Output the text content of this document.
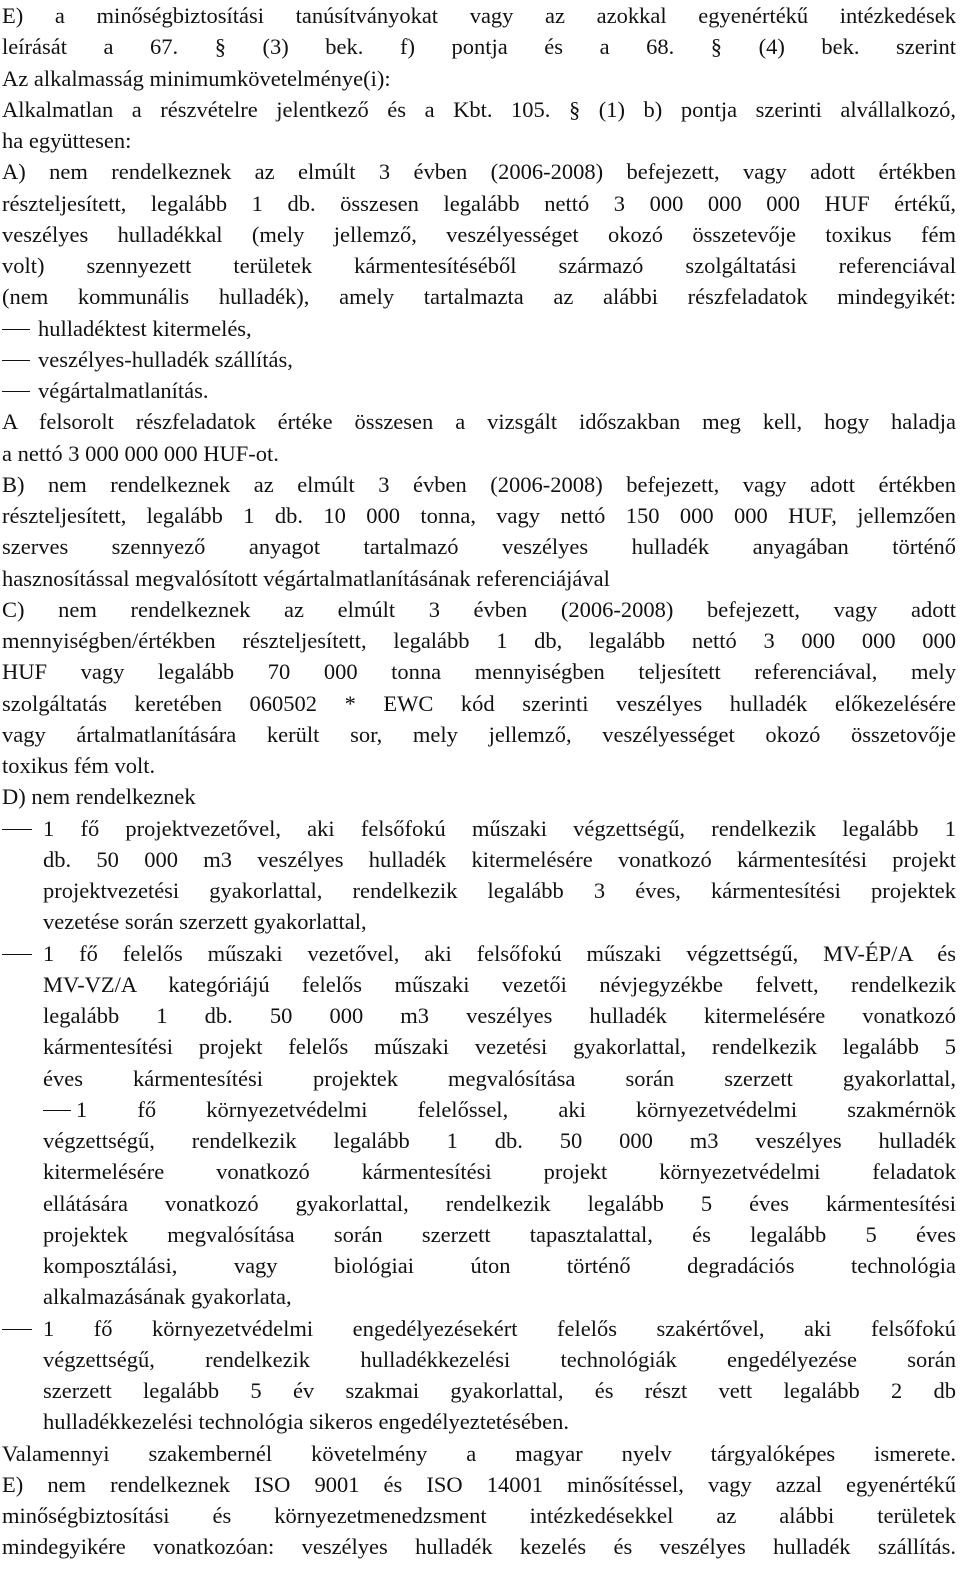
E) a minőségbiztosítási tanúsítványokat vagy az azokkal egyenértékű intézkedések
leírását a 67. § (3) bek. f) pontja és a 68. § (4) bek. szerint
Az alkalmasság minimumkövetelménye(i):
Alkalmatlan a részvételre jelentkező és a Kbt. 105. § (1) b) pontja szerinti alvállalkozó,
ha együttesen:
A) nem rendelkeznek az elmúlt 3 évben (2006-2008) befejezett, vagy adott értékben
részteljesített, legalább 1 db. összesen legalább nettó 3 000 000 000 HUF értékű,
veszélyes hulladékkal (mely jellemző, veszélyességet okozó összetevője toxikus fém
volt) szennyezett területek kármentesítéséből származó szolgáltatási referenciával
(nem kommunális hulladék), amely tartalmazta az alábbi részfeladatok mindegyikét:
hulladéktest kitermelés,
veszélyes-hulladék szállítás,
végártalmatlanítás.
A felsorolt részfeladatok értéke összesen a vizsgált időszakban meg kell, hogy haladja
a nettó 3 000 000 000 HUF-ot.
B) nem rendelkeznek az elmúlt 3 évben (2006-2008) befejezett, vagy adott értékben
részteljesített, legalább 1 db. 10 000 tonna, vagy nettó 150 000 000 HUF, jellemzően
szerves szennyező anyagot tartalmazó veszélyes hulladék anyagában történő
hasznosítással megvalósított végártalmatlanításának referenciájával
C) nem rendelkeznek az elmúlt 3 évben (2006-2008) befejezett, vagy adott
mennyiségben/értékben részteljesített, legalább 1 db, legalább nettó 3 000 000 000
HUF vagy legalább 70 000 tonna mennyiségben teljesített referenciával, mely
szolgáltatás keretében 060502 * EWC kód szerinti veszélyes hulladék előkezelésére
vagy ártalmatlanítására került sor, mely jellemző, veszélyességet okozó összetovője
toxikus fém volt.
D) nem rendelkeznek
1 fő projektvezetővel, aki felsőfokú műszaki végzettségű, rendelkezik legalább 1
db. 50 000 m3 veszélyes hulladék kitermelésére vonatkozó kármentesítési projekt
projektvezetési gyakorlattal, rendelkezik legalább 3 éves, kármentesítési projektek
vezetése során szerzett gyakorlattal,
1 fő felelős műszaki vezetővel, aki felsőfokú műszaki végzettségű, MV-ÉP/A és
MV-VZ/A kategóriájú felelős műszaki vezetői névjegyzékbe felvett, rendelkezik
legalább 1 db. 50 000 m3 veszélyes hulladék kitermelésére vonatkozó
kármentesítési projekt felelős műszaki vezetési gyakorlattal, rendelkezik legalább 5
éves kármentesítési projektek megvalósítása során szerzett gyakorlattal,
1 fő környezetvédelmi felelőssel, aki környezetvédelmi szakmérnök
végzettségű, rendelkezik legalább 1 db. 50 000 m3 veszélyes hulladék
kitermelésére vonatkozó kármentesítési projekt környezetvédelmi feladatok
ellátására vonatkozó gyakorlattal, rendelkezik legalább 5 éves kármentesítési
projektek megvalósítása során szerzett tapasztalattal, és legalább 5 éves
komposztálási, vagy biológiai úton történő degradációs technológia
alkalmazásának gyakorlata,
1 fő környezetvédelmi engedélyezésekért felelős szakértővel, aki felsőfokú
végzettségű, rendelkezik hulladékkezelési technológiák engedélyezése során
szerzett legalább 5 év szakmai gyakorlattal, és részt vett legalább 2 db
hulladékkezelési technológia sikeros engedélyeztetésében.
Valamennyi szakembernél követelmény a magyar nyelv tárgyalóképes ismerete.
E) nem rendelkeznek ISO 9001 és ISO 14001 minősítéssel, vagy azzal egyenértékű
minőségbiztosítási és környezetmenedzsment intézkedésekkel az alábbi területek
mindegyikére vonatkozóan: veszélyes hulladék kezelés és veszélyes hulladék szállítás.
